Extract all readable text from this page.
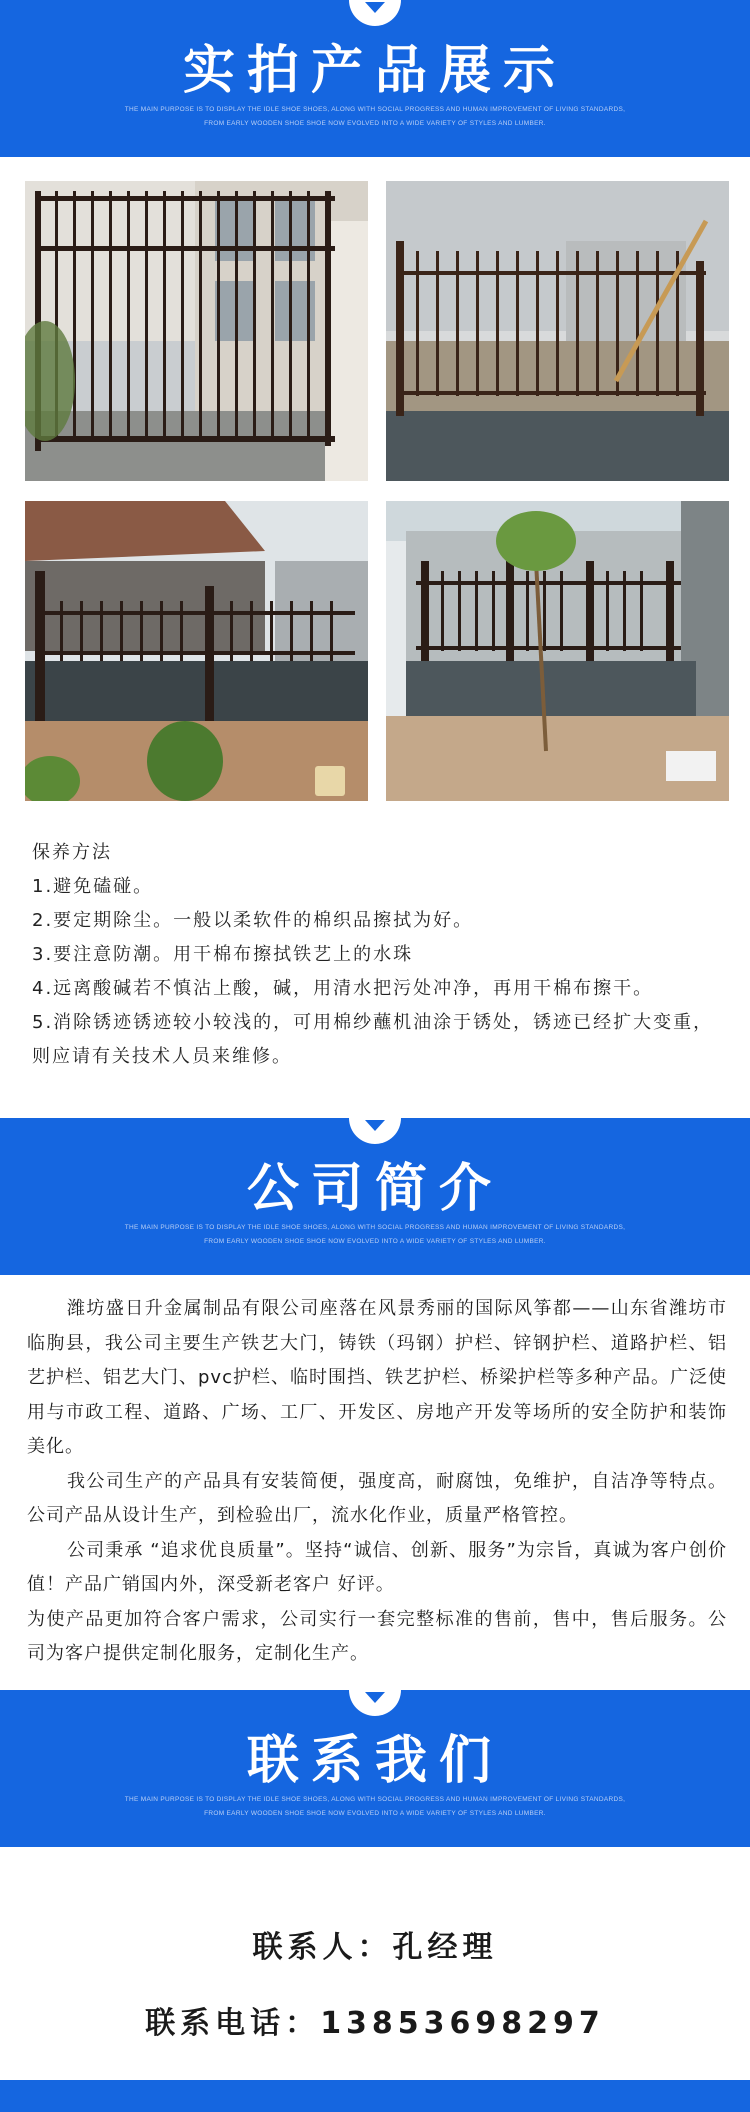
实拍产品展示
THE MAIN PURPOSE IS TO DISPLAY THE IDLE SHOE SHOES, ALONG WITH SOCIAL PROGRESS AND HUMAN IMPROVEMENT OF LIVING STANDARDS,
FROM EARLY WOODEN SHOE SHOE NOW EVOLVED INTO A WIDE VARIETY OF STYLES AND LUMBER.
保养方法
1.避免磕碰。
2.要定期除尘。一般以柔软件的棉织品擦拭为好。
3.要注意防潮。用干棉布擦拭铁艺上的水珠
4.远离酸碱若不慎沾上酸，碱，用清水把污处冲净，再用干棉布擦干。
5.消除锈迹锈迹较小较浅的，可用棉纱蘸机油涂于锈处，锈迹已经扩大变重，则应请有关技术人员来维修。
公司简介
THE MAIN PURPOSE IS TO DISPLAY THE IDLE SHOE SHOES, ALONG WITH SOCIAL PROGRESS AND HUMAN IMPROVEMENT OF LIVING STANDARDS,
FROM EARLY WOODEN SHOE SHOE NOW EVOLVED INTO A WIDE VARIETY OF STYLES AND LUMBER.

潍坊盛日升金属制品有限公司座落在风景秀丽的国际风筝都——山东省潍坊市临朐县，我公司主要生产铁艺大门，铸铁（玛钢）护栏、锌钢护栏、道路护栏、铝艺护栏、铝艺大门、pvc护栏、临时围挡、铁艺护栏、桥梁护栏等多种产品。广泛使用与市政工程、道路、广场、工厂、开发区、房地产开发等场所的安全防护和装饰美化。

我公司生产的产品具有安装简便，强度高，耐腐蚀，免维护，自洁净等特点。公司产品从设计生产，到检验出厂，流水化作业，质量严格管控。

公司秉承 “追求优良质量”。坚持“诚信、创新、服务”为宗旨，真诚为客户创价值！产品广销国内外，深受新老客户 好评。

为使产品更加符合客户需求，公司实行一套完整标准的售前，售中，售后服务。公司为客户提供定制化服务，定制化生产。

联系我们
THE MAIN PURPOSE IS TO DISPLAY THE IDLE SHOE SHOES, ALONG WITH SOCIAL PROGRESS AND HUMAN IMPROVEMENT OF LIVING STANDARDS,
FROM EARLY WOODEN SHOE SHOE NOW EVOLVED INTO A WIDE VARIETY OF STYLES AND LUMBER.
联系人：孔经理
联系电话：13853698297
